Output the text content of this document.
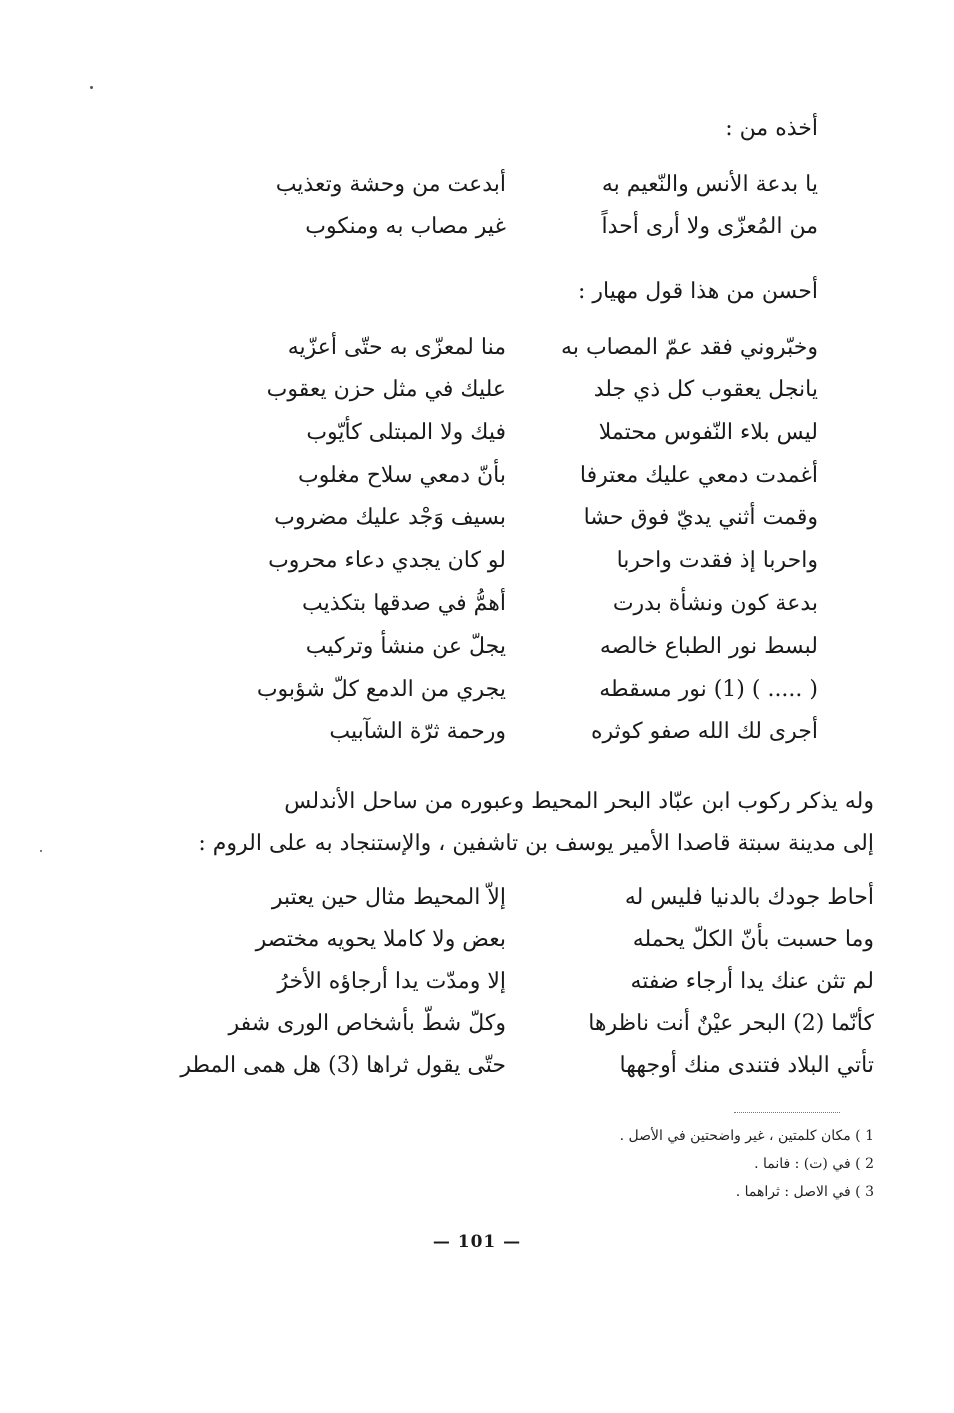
أخذه من :
يا بدعة الأنس والنّعيم به
أبدعت من وحشة وتعذيب
من المُعزّى ولا أرى أحداً
غير مصاب به ومنكوب
أحسن من هذا قول مهيار :
وخبّروني فقد عمّ المصاب به
منا لمعزّى به حتّى أعزّيه
يانجل يعقوب كل ذي جلد
عليك في مثل حزن يعقوب
ليس بلاء النّفوس محتملا
فيك ولا المبتلى كأيّوب
أغمدت دمعي عليك معترفا
بأنّ دمعي سلاح مغلوب
وقمت أثني يديّ فوق حشا
بسيف وَجْد عليك مضروب
واحربا إذ فقدت واحربا
لو كان يجدي دعاء محروب
بدعة كون ونشأة بدرت
أهمُّ في صدقها بتكذيب
لبسط نور الطباع خالصه
يجلّ عن منشأ وتركيب
( ..... ) (1) نور مسقطه
يجري من الدمع كلّ شؤبوب
أجرى لك الله صفو كوثره
ورحمة ثرّة الشآبيب
وله يذكر ركوب ابن عبّاد البحر المحيط وعبوره من ساحل الأندلس
إلى مدينة سبتة قاصدا الأمير يوسف بن تاشفين ، والإستنجاد به على الروم :
أحاط جودك بالدنيا فليس له
إلاّ المحيط مثال حين يعتبر
وما حسبت بأنّ الكلّ يحمله
بعض ولا كاملا يحويه مختصر
لم تثن عنك يدا أرجاء ضفته
إلا ومدّت يدا أرجاؤه الأخرُ
كأنّما (2) البحر عيْنٌ أنت ناظرها
وكلّ شطّ بأشخاص الورى شفر
تأتي البلاد فتندى منك أوجهها
حتّى يقول ثراها (3) هل همى المطر
1 ) مكان كلمتين ، غير واضحتين في الأصل .
2 ) في (ت) : فانما .
3 ) في الاصل : ثراهما .
— 101 —
